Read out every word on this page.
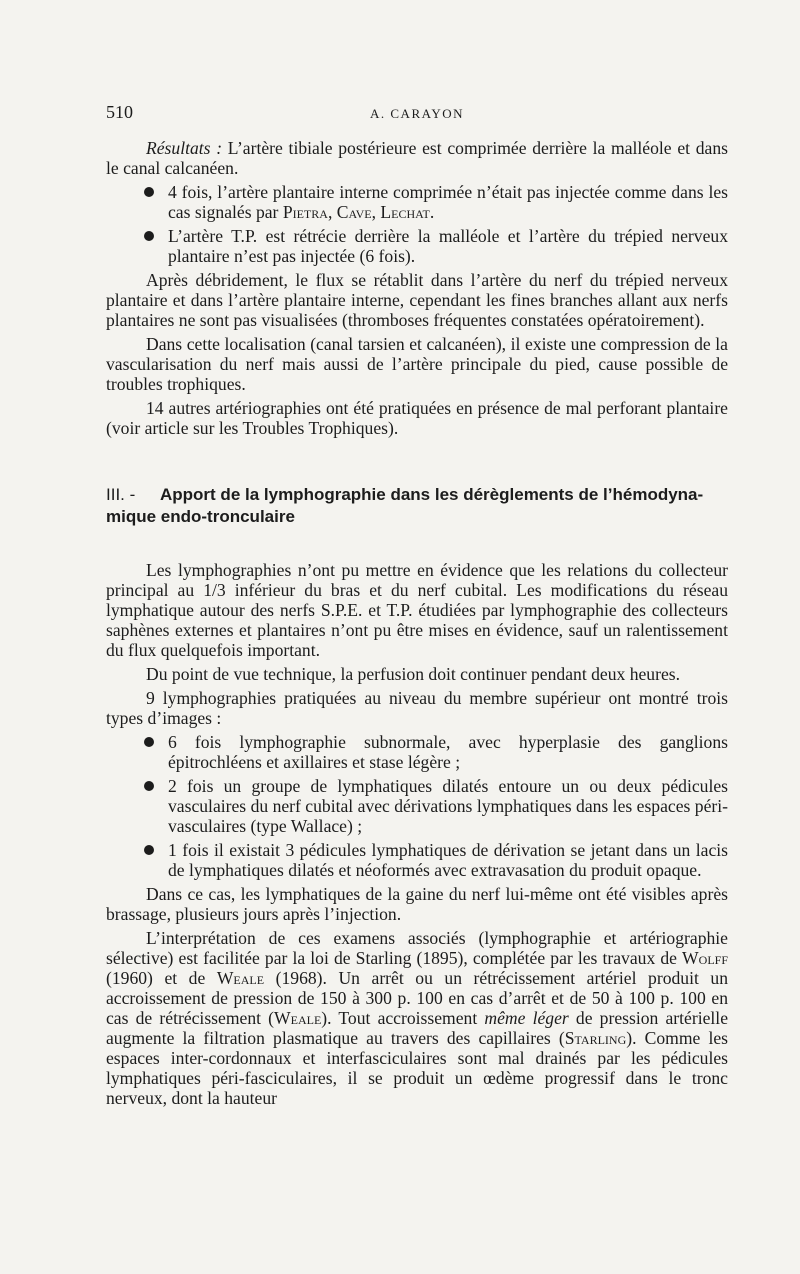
510	A. CARAYON

Résultats : L’artère tibiale postérieure est comprimée derrière la malléole et dans le canal calcanéen.

4 fois, l’artère plantaire interne comprimée n’était pas injectée comme dans les cas signalés par Pietra, Cave, Lechat.
L’artère T.P. est rétrécie derrière la malléole et l’artère du trépied nerveux plantaire n’est pas injectée (6 fois).

Après débridement, le flux se rétablit dans l’artère du nerf du trépied nerveux plantaire et dans l’artère plantaire interne, cependant les fines branches allant aux nerfs plantaires ne sont pas visualisées (thromboses fréquentes constatées opératoirement).

Dans cette localisation (canal tarsien et calcanéen), il existe une compression de la vascularisation du nerf mais aussi de l’artère principale du pied, cause possible de troubles trophiques.

14 autres artériographies ont été pratiquées en présence de mal perforant plantaire (voir article sur les Troubles Trophiques).

III. -	Apport de la lymphographie dans les dérèglements de l’hémodyna-
mique endo-tronculaire

Les lymphographies n’ont pu mettre en évidence que les relations du collecteur principal au 1/3 inférieur du bras et du nerf cubital. Les modifications du réseau lymphatique autour des nerfs S.P.E. et T.P. étudiées par lymphographie des collecteurs saphènes externes et plantaires n’ont pu être mises en évidence, sauf un ralentissement du flux quelquefois important.

Du point de vue technique, la perfusion doit continuer pendant deux heures.

9 lymphographies pratiquées au niveau du membre supérieur ont montré trois types d’images :

6 fois lymphographie subnormale, avec hyperplasie des ganglions épitrochléens et axillaires et stase légère ;
2 fois un groupe de lymphatiques dilatés entoure un ou deux pédicules vasculaires du nerf cubital avec dérivations lymphatiques dans les espaces péri-vasculaires (type Wallace) ;
1 fois il existait 3 pédicules lymphatiques de dérivation se jetant dans un lacis de lymphatiques dilatés et néoformés avec extravasation du produit opaque.

Dans ce cas, les lymphatiques de la gaine du nerf lui-même ont été visibles après brassage, plusieurs jours après l’injection.

L’interprétation de ces examens associés (lymphographie et artériographie sélective) est facilitée par la loi de Starling (1895), complétée par les travaux de Wolff (1960) et de Weale (1968). Un arrêt ou un rétrécissement artériel produit un accroissement de pression de 150 à 300 p. 100 en cas d’arrêt et de 50 à 100 p. 100 en cas de rétrécissement (Weale). Tout accroissement même léger de pression artérielle augmente la filtration plasmatique au travers des capillaires (Starling). Comme les espaces inter-cordonnaux et interfasciculaires sont mal drainés par les pédicules lymphatiques péri-fasciculaires, il se produit un œdème progressif dans le tronc nerveux, dont la hauteur
